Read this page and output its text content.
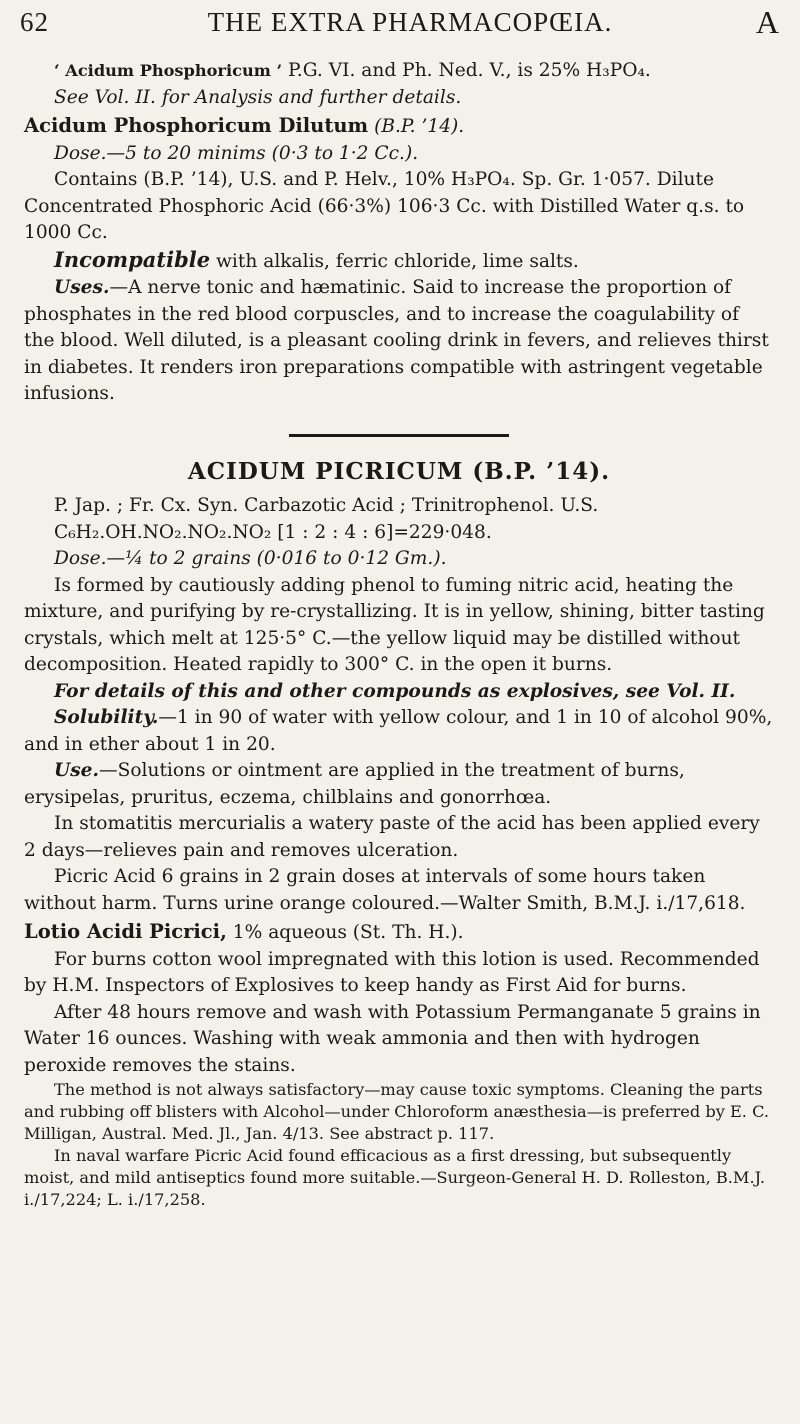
62	THE EXTRA PHARMACOPŒIA.	A

‘ Acidum Phosphoricum ’ P.G. VI. and Ph. Ned. V., is 25% H₃PO₄.

See Vol. II. for Analysis and further details.

Acidum Phosphoricum Dilutum (B.P. ’14).

Dose.—5 to 20 minims (0·3 to 1·2 Cc.).

Contains (B.P. ’14), U.S. and P. Helv., 10% H₃PO₄. Sp. Gr. 1·057. Dilute Concentrated Phosphoric Acid (66·3%) 106·3 Cc. with Distilled Water q.s. to 1000 Cc.

Incompatible with alkalis, ferric chloride, lime salts.

Uses.—A nerve tonic and hæmatinic. Said to increase the proportion of phosphates in the red blood corpuscles, and to increase the coagulability of the blood. Well diluted, is a pleasant cooling drink in fevers, and relieves thirst in diabetes. It renders iron preparations compatible with astringent vegetable infusions.

ACIDUM PICRICUM (B.P. ’14).

P. Jap. ; Fr. Cx. Syn. Carbazotic Acid ; Trinitrophenol. U.S.

C₆H₂.OH.NO₂.NO₂.NO₂ [1 : 2 : 4 : 6]=229·048.

Dose.—¼ to 2 grains (0·016 to 0·12 Gm.).

Is formed by cautiously adding phenol to fuming nitric acid, heating the mixture, and purifying by re-crystallizing. It is in yellow, shining, bitter tasting crystals, which melt at 125·5° C.—the yellow liquid may be distilled without decomposition. Heated rapidly to 300° C. in the open it burns.

For details of this and other compounds as explosives, see Vol. II.

Solubility.—1 in 90 of water with yellow colour, and 1 in 10 of alcohol 90%, and in ether about 1 in 20.

Use.—Solutions or ointment are applied in the treatment of burns, erysipelas, pruritus, eczema, chilblains and gonorrhœa.

In stomatitis mercurialis a watery paste of the acid has been applied every 2 days—relieves pain and removes ulceration.

Picric Acid 6 grains in 2 grain doses at intervals of some hours taken without harm. Turns urine orange coloured.—Walter Smith, B.M.J. i./17,618.

Lotio Acidi Picrici, 1% aqueous (St. Th. H.).

For burns cotton wool impregnated with this lotion is used. Recommended by H.M. Inspectors of Explosives to keep handy as First Aid for burns.

After 48 hours remove and wash with Potassium Permanganate 5 grains in Water 16 ounces. Washing with weak ammonia and then with hydrogen peroxide removes the stains.

The method is not always satisfactory—may cause toxic symptoms. Cleaning the parts and rubbing off blisters with Alcohol—under Chloroform anæsthesia—is preferred by E. C. Milligan, Austral. Med. Jl., Jan. 4/13. See abstract p. 117.

In naval warfare Picric Acid found efficacious as a first dressing, but subsequently moist, and mild antiseptics found more suitable.—Surgeon-General H. D. Rolleston, B.M.J. i./17,224; L. i./17,258.
